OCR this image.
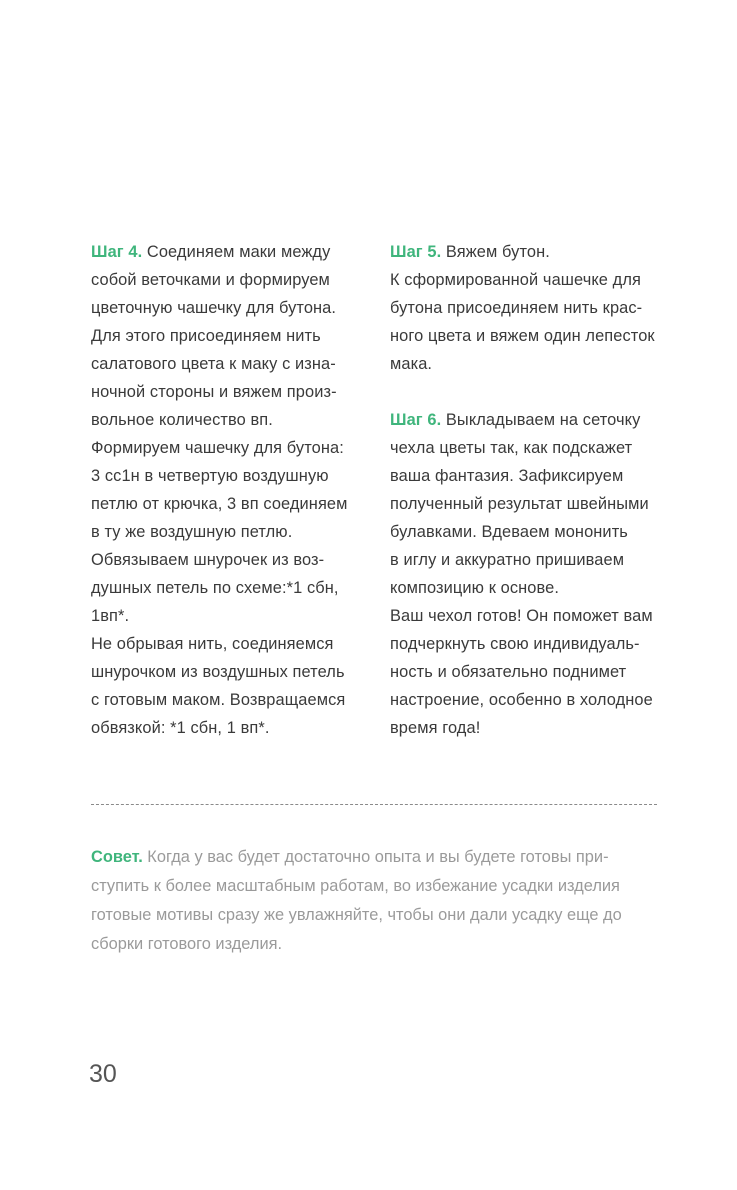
Шаг 4. Соединяем маки между
собой веточками и формируем
цветочную чашечку для бутона.
Для этого присоединяем нить
салатового цвета к маку с изна-
ночной стороны и вяжем произ-
вольное количество вп.
Формируем чашечку для бутона:
3 сс1н в четвертую воздушную
петлю от крючка, 3 вп соединяем
в ту же воздушную петлю.
Обвязываем шнурочек из воз-
душных петель по схеме:*1 сбн,
1вп*.
Не обрывая нить, соединяемся
шнурочком из воздушных петель
с готовым маком. Возвращаемся
обвязкой: *1 сбн, 1 вп*.
Шаг 5. Вяжем бутон.
К сформированной чашечке для
бутона присоединяем нить крас-
ного цвета и вяжем один лепесток
мака.
Шаг 6. Выкладываем на сеточку
чехла цветы так, как подскажет
ваша фантазия. Зафиксируем
полученный результат швейными
булавками. Вдеваем мононить
в иглу и аккуратно пришиваем
композицию к основе.
Ваш чехол готов! Он поможет вам
подчеркнуть свою индивидуаль-
ность и обязательно поднимет
настроение, особенно в холодное
время года!
Совет. Когда у вас будет достаточно опыта и вы будете готовы при-
ступить к более масштабным работам, во избежание усадки изделия
готовые мотивы сразу же увлажняйте, чтобы они дали усадку еще до
сборки готового изделия.
30
